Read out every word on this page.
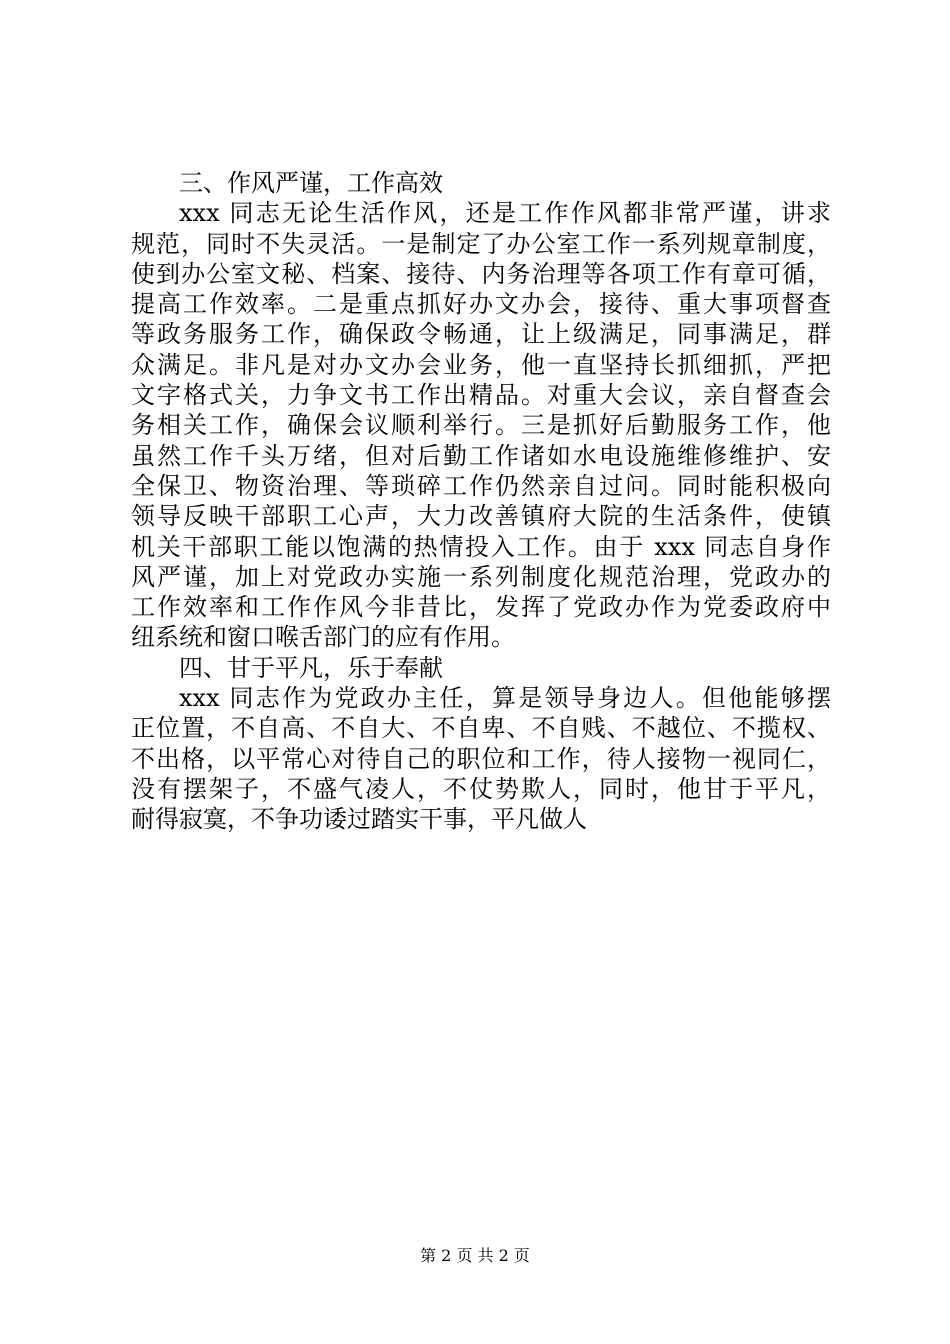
三、作风严谨，工作高效
xxx 同志无论生活作风，还是工作作风都非常严谨，讲求
规范，同时不失灵活。一是制定了办公室工作一系列规章制度，
使到办公室文秘、档案、接待、内务治理等各项工作有章可循，
提高工作效率。二是重点抓好办文办会，接待、重大事项督查
等政务服务工作，确保政令畅通，让上级满足，同事满足，群
众满足。非凡是对办文办会业务，他一直坚持长抓细抓，严把
文字格式关，力争文书工作出精品。对重大会议，亲自督查会
务相关工作，确保会议顺利举行。三是抓好后勤服务工作，他
虽然工作千头万绪，但对后勤工作诸如水电设施维修维护、安
全保卫、物资治理、等琐碎工作仍然亲自过问。同时能积极向
领导反映干部职工心声，大力改善镇府大院的生活条件，使镇
机关干部职工能以饱满的热情投入工作。由于 xxx 同志自身作
风严谨，加上对党政办实施一系列制度化规范治理，党政办的
工作效率和工作作风今非昔比，发挥了党政办作为党委政府中
纽系统和窗口喉舌部门的应有作用。
四、甘于平凡，乐于奉献
xxx 同志作为党政办主任，算是领导身边人。但他能够摆
正位置，不自高、不自大、不自卑、不自贱、不越位、不揽权、
不出格，以平常心对待自己的职位和工作，待人接物一视同仁，
没有摆架子，不盛气凌人，不仗势欺人，同时，他甘于平凡，
耐得寂寞，不争功诿过踏实干事，平凡做人
第 2 页 共 2 页
